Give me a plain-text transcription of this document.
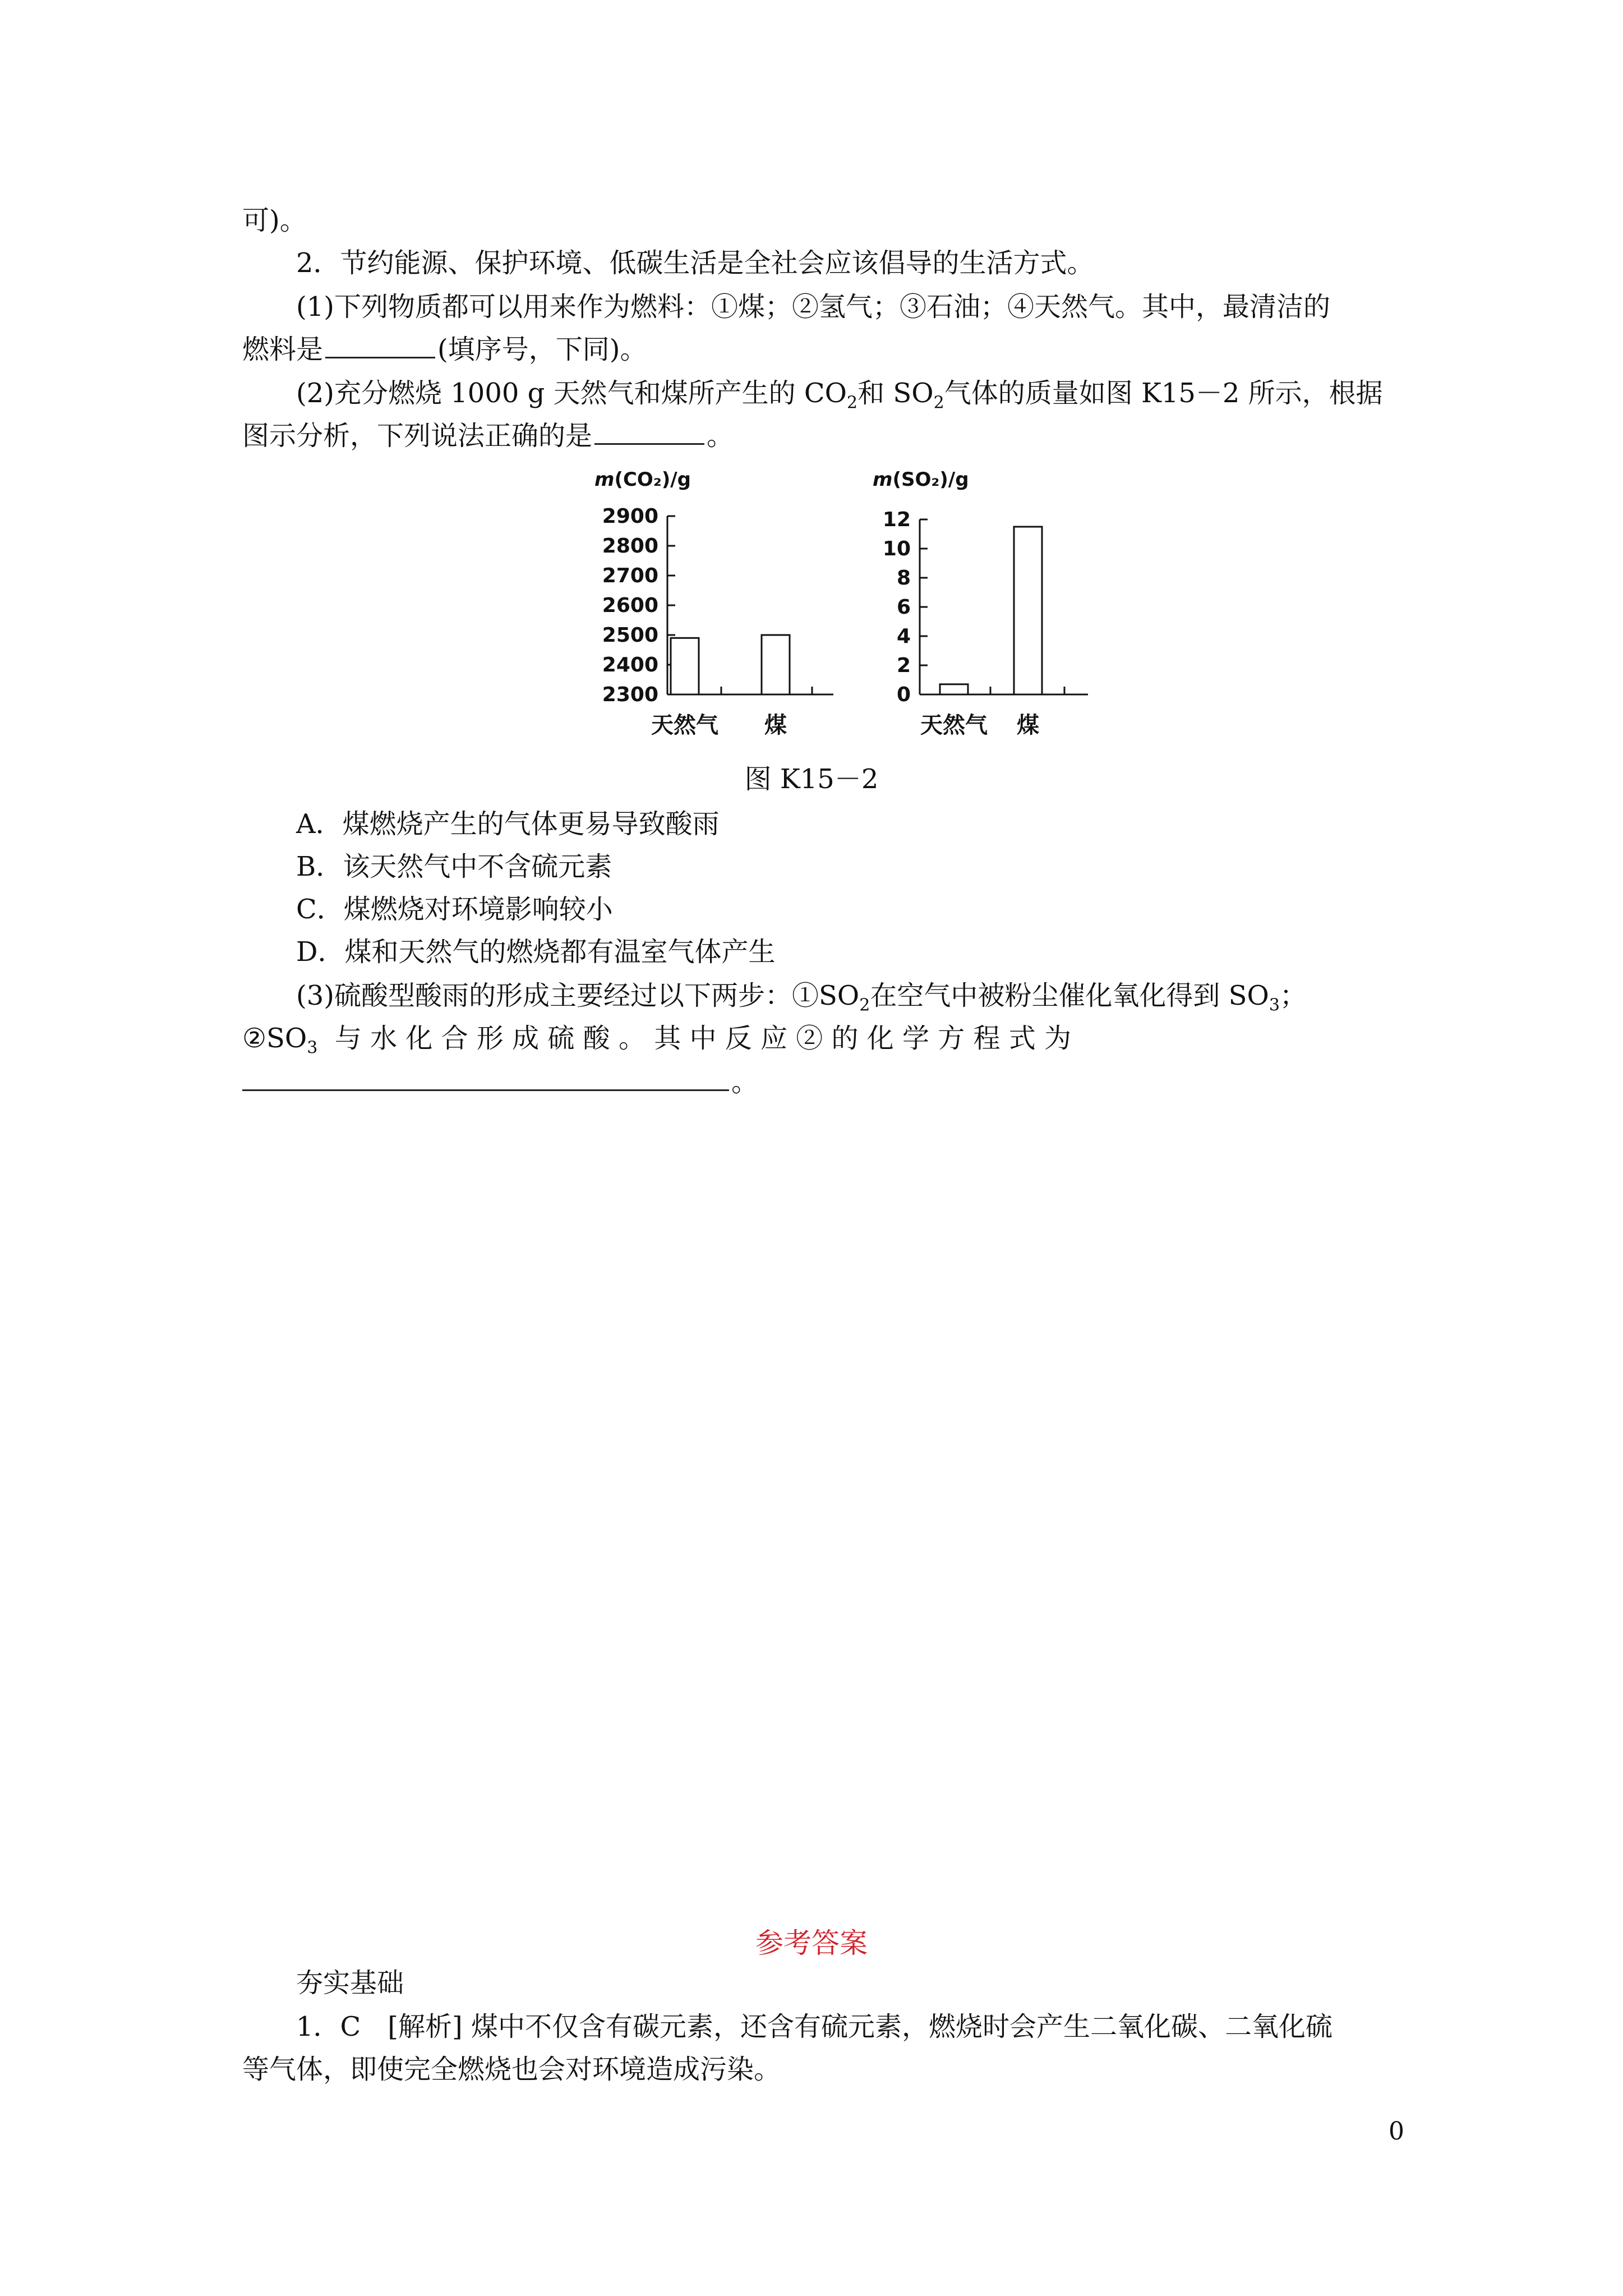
可)。
2．节约能源、保护环境、低碳生活是全社会应该倡导的生活方式。
(1)下列物质都可以用来作为燃料：①煤；②氢气；③石油；④天然气。其中，最清洁的
燃料是	(填序号，下同)。
(2)充分燃烧 1000 g 天然气和煤所产生的 $CO_2$和 $SO_2$气体的质量如图 K15－2 所示，根据
图示分析，下列说法正确的是	。
m(CO₂)/g
2900
2800
2700
2600
2500
2400
2300
天然气 煤
m(SO₂)/g
12
10
8
6
4
2
0
天然气 煤
图 K15－2
A．煤燃烧产生的气体更易导致酸雨
B．该天然气中不含硫元素
C．煤燃烧对环境影响较小
D．煤和天然气的燃烧都有温室气体产生
(3)硫酸型酸雨的形成主要经过以下两步：$①SO_2$在空气中被粉尘催化氧化得到 $SO_3$；
$②SO_3$ 与 水 化 合 形 成 硫 酸 。 其 中 反 应 ② 的 化 学 方 程 式 为
。
参考答案
夯实基础
1．C　[解析] 煤中不仅含有碳元素，还含有硫元素，燃烧时会产生二氧化碳、二氧化硫
等气体，即使完全燃烧也会对环境造成污染。
0
